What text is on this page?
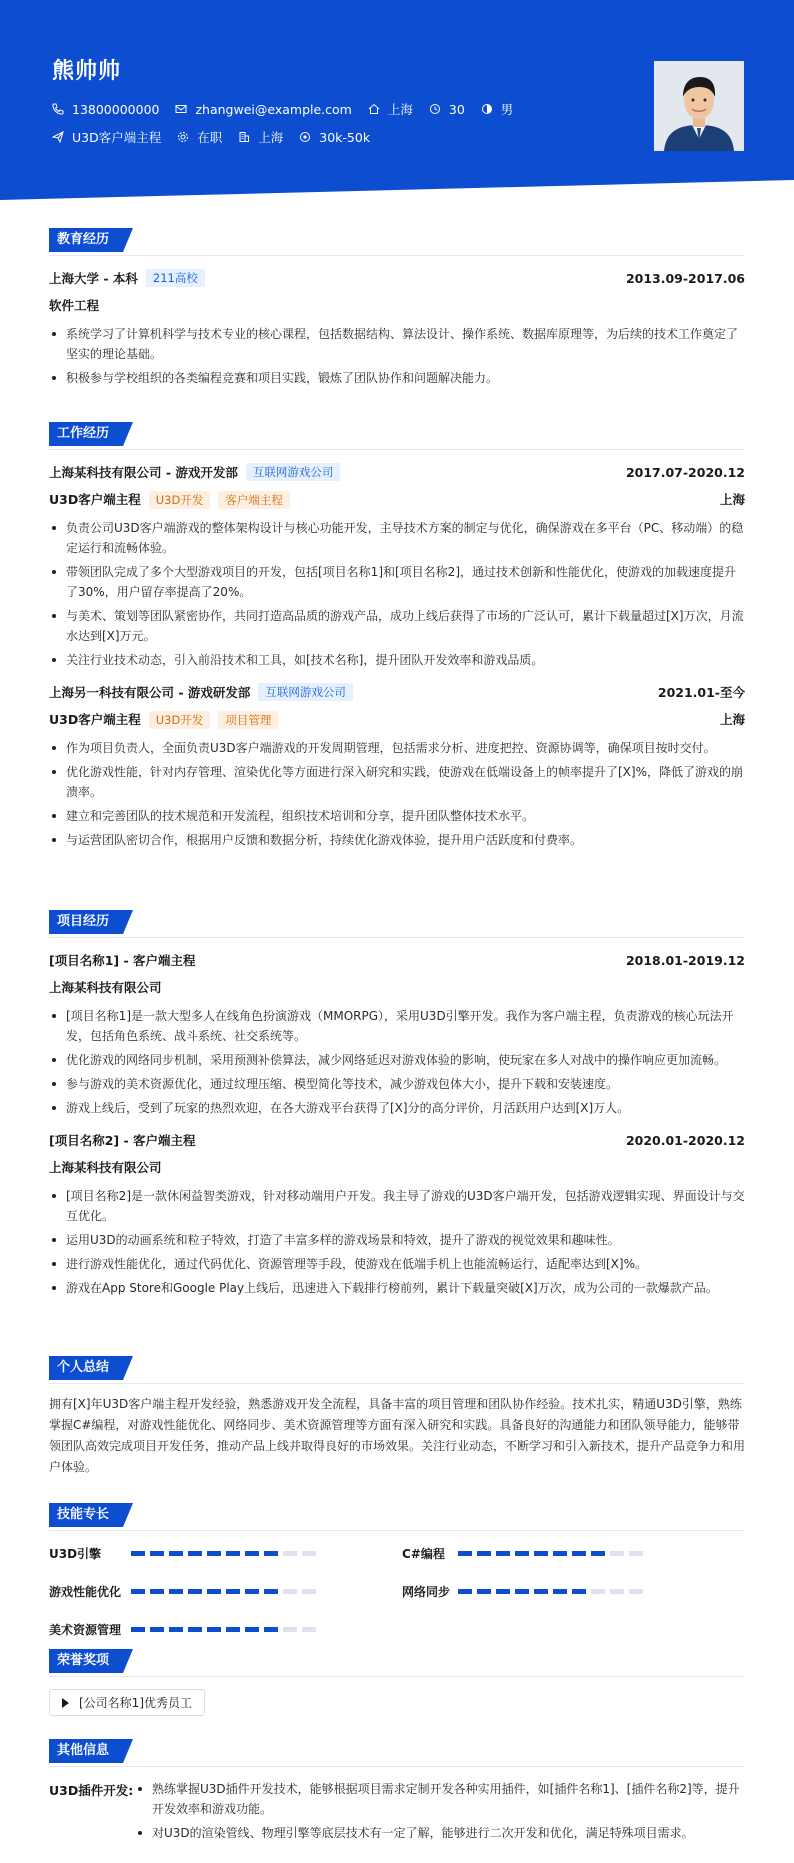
熊帅帅
13800000000	zhangwei@example.com	上海	30	男
U3D客户端主程	在职	上海	30k-50k
教育经历
上海大学 - 本科	211高校	2013.09-2017.06
软件工程
系统学习了计算机科学与技术专业的核心课程，包括数据结构、算法设计、操作系统、数据库原理等，为后续的技术工作奠定了坚实的理论基础。
积极参与学校组织的各类编程竞赛和项目实践，锻炼了团队协作和问题解决能力。
工作经历
上海某科技有限公司 - 游戏开发部	互联网游戏公司	2017.07-2020.12
U3D客户端主程	U3D开发	客户端主程	上海
负责公司U3D客户端游戏的整体架构设计与核心功能开发，主导技术方案的制定与优化，确保游戏在多平台（PC、移动端）的稳定运行和流畅体验。
带领团队完成了多个大型游戏项目的开发，包括[项目名称1]和[项目名称2]，通过技术创新和性能优化，使游戏的加载速度提升了30%，用户留存率提高了20%。
与美术、策划等团队紧密协作，共同打造高品质的游戏产品，成功上线后获得了市场的广泛认可，累计下载量超过[X]万次，月流水达到[X]万元。
关注行业技术动态，引入前沿技术和工具，如[技术名称]，提升团队开发效率和游戏品质。
上海另一科技有限公司 - 游戏研发部	互联网游戏公司	2021.01-至今
U3D客户端主程	U3D开发	项目管理	上海
作为项目负责人，全面负责U3D客户端游戏的开发周期管理，包括需求分析、进度把控、资源协调等，确保项目按时交付。
优化游戏性能，针对内存管理、渲染优化等方面进行深入研究和实践，使游戏在低端设备上的帧率提升了[X]%，降低了游戏的崩溃率。
建立和完善团队的技术规范和开发流程，组织技术培训和分享，提升团队整体技术水平。
与运营团队密切合作，根据用户反馈和数据分析，持续优化游戏体验，提升用户活跃度和付费率。
项目经历
[项目名称1] - 客户端主程	2018.01-2019.12
上海某科技有限公司
[项目名称1]是一款大型多人在线角色扮演游戏（MMORPG），采用U3D引擎开发。我作为客户端主程，负责游戏的核心玩法开发，包括角色系统、战斗系统、社交系统等。
优化游戏的网络同步机制，采用预测补偿算法，减少网络延迟对游戏体验的影响，使玩家在多人对战中的操作响应更加流畅。
参与游戏的美术资源优化，通过纹理压缩、模型简化等技术，减少游戏包体大小，提升下载和安装速度。
游戏上线后，受到了玩家的热烈欢迎，在各大游戏平台获得了[X]分的高分评价，月活跃用户达到[X]万人。
[项目名称2] - 客户端主程	2020.01-2020.12
上海某科技有限公司
[项目名称2]是一款休闲益智类游戏，针对移动端用户开发。我主导了游戏的U3D客户端开发，包括游戏逻辑实现、界面设计与交互优化。
运用U3D的动画系统和粒子特效，打造了丰富多样的游戏场景和特效，提升了游戏的视觉效果和趣味性。
进行游戏性能优化，通过代码优化、资源管理等手段，使游戏在低端手机上也能流畅运行，适配率达到[X]%。
游戏在App Store和Google Play上线后，迅速进入下载排行榜前列，累计下载量突破[X]万次，成为公司的一款爆款产品。
个人总结
拥有[X]年U3D客户端主程开发经验，熟悉游戏开发全流程，具备丰富的项目管理和团队协作经验。技术扎实，精通U3D引擎，熟练掌握C#编程，对游戏性能优化、网络同步、美术资源管理等方面有深入研究和实践。具备良好的沟通能力和团队领导能力，能够带领团队高效完成项目开发任务，推动产品上线并取得良好的市场效果。关注行业动态，不断学习和引入新技术，提升产品竞争力和用户体验。
技能专长
U3D引擎	C#编程
游戏性能优化	网络同步
美术资源管理
荣誉奖项
[公司名称1]优秀员工
其他信息
U3D插件开发:	熟练掌握U3D插件开发技术，能够根据项目需求定制开发各种实用插件，如[插件名称1]、[插件名称2]等，提升开发效率和游戏功能。
对U3D的渲染管线、物理引擎等底层技术有一定了解，能够进行二次开发和优化，满足特殊项目需求。
